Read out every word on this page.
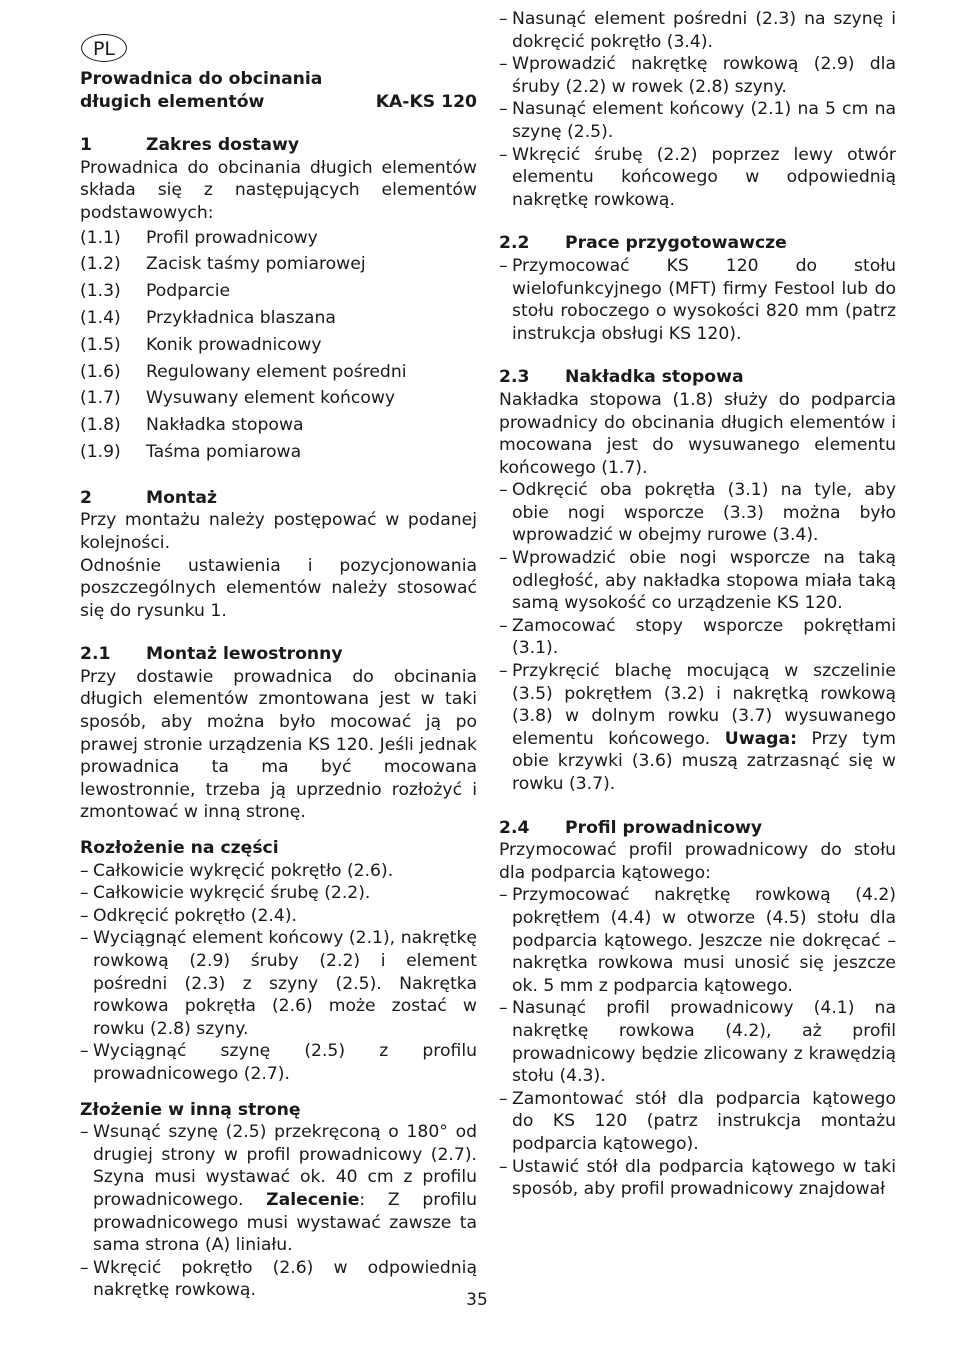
PL
Prowadnica do obcinania
długich elementów	KA-KS 120
1	Zakres dostawy

Prowadnica do obcinania długich elementów składa się z następujących elementów podstawowych:

(1.1)	Profil prowadnicowy
(1.2)	Zacisk taśmy pomiarowej
(1.3)	Podparcie
(1.4)	Przykładnica blaszana
(1.5)	Konik prowadnicowy
(1.6)	Regulowany element pośredni
(1.7)	Wysuwany element końcowy
(1.8)	Nakładka stopowa
(1.9)	Taśma pomiarowa
2	Montaż

Przy montażu należy postępować w podanej kolejności.

Odnośnie ustawienia i pozycjonowania poszczególnych elementów należy stosować się do rysunku 1.

2.1	Montaż lewostronny

Przy dostawie prowadnica do obcinania długich elementów zmontowana jest w taki sposób, aby można było mocować ją po prawej stronie urządzenia KS 120. Jeśli jednak prowadnica ta ma być mocowana lewostronnie, trzeba ją uprzednio rozłożyć i zmontować w inną stronę.

Rozłożenie na części
– Całkowicie wykręcić pokrętło (2.6).
– Całkowicie wykręcić śrubę (2.2).
– Odkręcić pokrętło (2.4).
– Wyciągnąć element końcowy (2.1), nakrętkę rowkową (2.9) śruby (2.2) i element pośredni (2.3) z szyny (2.5). Nakrętka rowkowa pokrętła (2.6) może zostać w rowku (2.8) szyny.
– Wyciągnąć szynę (2.5) z profilu prowadnicowego (2.7).
Złożenie w inną stronę
– Wsunąć szynę (2.5) przekręconą o 180° od drugiej strony w profil prowadnicowy (2.7). Szyna musi wystawać ok. 40 cm z profilu prowadnicowego. Zalecenie: Z profilu prowadnicowego musi wystawać zawsze ta sama strona (A) liniału.
– Wkręcić pokrętło (2.6) w odpowiednią nakrętkę rowkową.
– Nasunąć element pośredni (2.3) na szynę i dokręcić pokrętło (3.4).
– Wprowadzić nakrętkę rowkową (2.9) dla śruby (2.2) w rowek (2.8) szyny.
– Nasunąć element końcowy (2.1) na 5 cm na szynę (2.5).
– Wkręcić śrubę (2.2) poprzez lewy otwór elementu końcowego w odpowiednią nakrętkę rowkową.
2.2	Prace przygotowawcze
– Przymocować KS 120 do stołu wielofunkcyjnego (MFT) firmy Festool lub do stołu roboczego o wysokości 820 mm (patrz instrukcja obsługi KS 120).
2.3	Nakładka stopowa

Nakładka stopowa (1.8) służy do podparcia prowadnicy do obcinania długich elementów i mocowana jest do wysuwanego elementu końcowego (1.7).

– Odkręcić oba pokrętła (3.1) na tyle, aby obie nogi wsporcze (3.3) można było wprowadzić w obejmy rurowe (3.4).
– Wprowadzić obie nogi wsporcze na taką odległość, aby nakładka stopowa miała taką samą wysokość co urządzenie KS 120.
– Zamocować stopy wsporcze pokrętłami (3.1).
– Przykręcić blachę mocującą w szczelinie (3.5) pokrętłem (3.2) i nakrętką rowkową (3.8) w dolnym rowku (3.7) wysuwanego elementu końcowego. Uwaga: Przy tym obie krzywki (3.6) muszą zatrzasnąć się w rowku (3.7).
2.4	Profil prowadnicowy

Przymocować profil prowadnicowy do stołu dla podparcia kątowego:

– Przymocować nakrętkę rowkową (4.2) pokrętłem (4.4) w otworze (4.5) stołu dla podparcia kątowego. Jeszcze nie dokręcać – nakrętka rowkowa musi unosić się jeszcze ok. 5 mm z podparcia kątowego.
– Nasunąć profil prowadnicowy (4.1) na nakrętkę rowkowa (4.2), aż profil prowadnicowy będzie zlicowany z krawędzią stołu (4.3).
– Zamontować stół dla podparcia kątowego do KS 120 (patrz instrukcja montażu podparcia kątowego).
– Ustawić stół dla podparcia kątowego w taki sposób, aby profil prowadnicowy znajdował
35
